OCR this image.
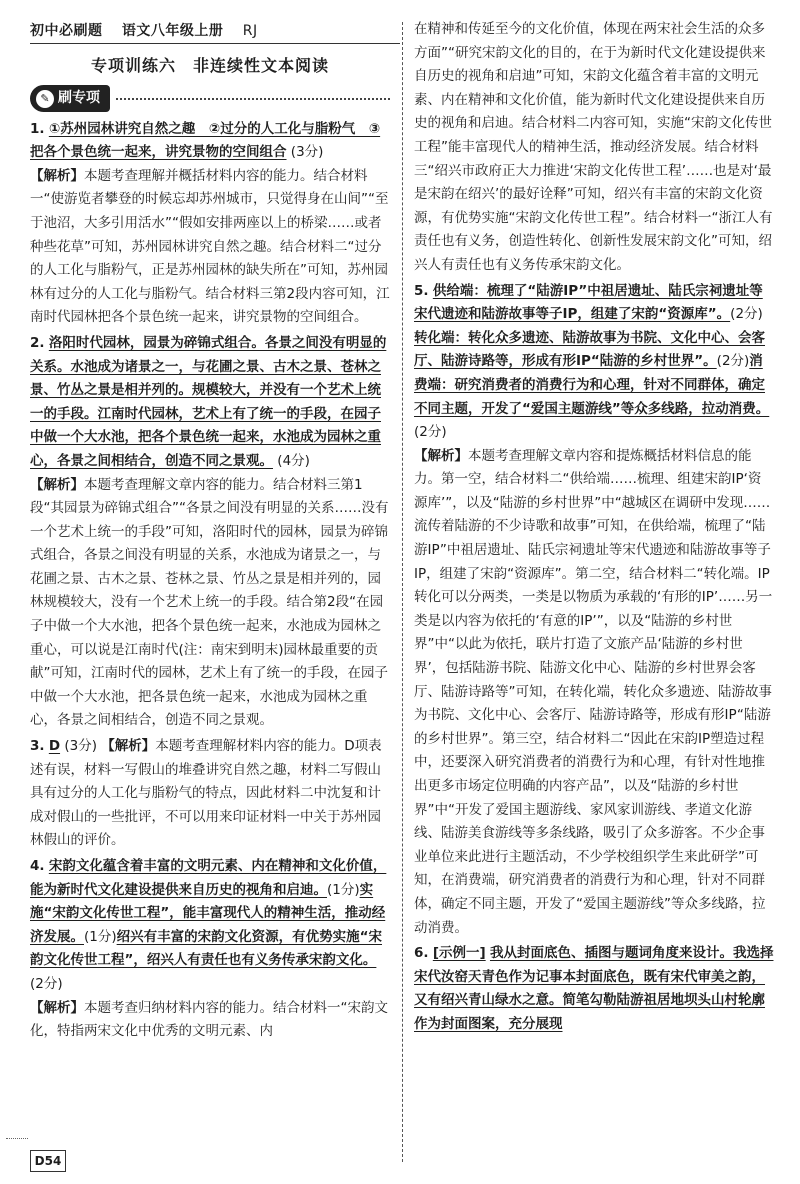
初中必刷题 语文八年级上册 RJ
专项训练六　非连续性文本阅读
✎ 刷专项
1. ①苏州园林讲究自然之趣　②过分的人工化与脂粉气　③把各个景色统一起来，讲究景物的空间组合 (3分)
【解析】本题考查理解并概括材料内容的能力。结合材料一“使游览者攀登的时候忘却苏州城市，只觉得身在山间”“至于池沼，大多引用活水”“假如安排两座以上的桥梁……或者种些花草”可知，苏州园林讲究自然之趣。结合材料二“过分的人工化与脂粉气，正是苏州园林的缺失所在”可知，苏州园林有过分的人工化与脂粉气。结合材料三第2段内容可知，江南时代园林把各个景色统一起来，讲究景物的空间组合。
2. 洛阳时代园林，园景为碎锦式组合。各景之间没有明显的关系。水池成为诸景之一，与花圃之景、古木之景、苍林之景、竹丛之景是相并列的。规模较大，并没有一个艺术上统一的手段。江南时代园林，艺术上有了统一的手段，在园子中做一个大水池，把各个景色统一起来，水池成为园林之重心，各景之间相结合，创造不同之景观。 (4分)
【解析】本题考查理解文章内容的能力。结合材料三第1段“其园景为碎锦式组合”“各景之间没有明显的关系……没有一个艺术上统一的手段”可知，洛阳时代的园林，园景为碎锦式组合，各景之间没有明显的关系，水池成为诸景之一，与花圃之景、古木之景、苍林之景、竹丛之景是相并列的，园林规模较大，没有一个艺术上统一的手段。结合第2段“在园子中做一个大水池，把各个景色统一起来，水池成为园林之重心，可以说是江南时代(注：南宋到明末)园林最重要的贡献”可知，江南时代的园林，艺术上有了统一的手段，在园子中做一个大水池，把各景色统一起来，水池成为园林之重心，各景之间相结合，创造不同之景观。
3. D (3分) 【解析】本题考查理解材料内容的能力。D项表述有误，材料一写假山的堆叠讲究自然之趣，材料二写假山具有过分的人工化与脂粉气的特点，因此材料二中沈复和计成对假山的一些批评，不可以用来印证材料一中关于苏州园林假山的评价。
4. 宋韵文化蕴含着丰富的文明元素、内在精神和文化价值，能为新时代文化建设提供来自历史的视角和启迪。(1分)实施“宋韵文化传世工程”，能丰富现代人的精神生活，推动经济发展。(1分)绍兴有丰富的宋韵文化资源，有优势实施“宋韵文化传世工程”，绍兴人有责任也有义务传承宋韵文化。(2分)
【解析】本题考查归纳材料内容的能力。结合材料一“宋韵文化，特指两宋文化中优秀的文明元素、内
在精神和传延至今的文化价值，体现在两宋社会生活的众多方面”“研究宋韵文化的目的，在于为新时代文化建设提供来自历史的视角和启迪”可知，宋韵文化蕴含着丰富的文明元素、内在精神和文化价值，能为新时代文化建设提供来自历史的视角和启迪。结合材料二内容可知，实施“宋韵文化传世工程”能丰富现代人的精神生活，推动经济发展。结合材料三“绍兴市政府正大力推进‘宋韵文化传世工程’……也是对‘最是宋韵在绍兴’的最好诠释”可知，绍兴有丰富的宋韵文化资源，有优势实施“宋韵文化传世工程”。结合材料一“浙江人有责任也有义务，创造性转化、创新性发展宋韵文化”可知，绍兴人有责任也有义务传承宋韵文化。
5. 供给端：梳理了“陆游IP”中祖居遗址、陆氏宗祠遗址等宋代遗迹和陆游故事等子IP，组建了宋韵“资源库”。(2分)转化端：转化众多遗迹、陆游故事为书院、文化中心、会客厅、陆游诗路等，形成有形IP“陆游的乡村世界”。(2分)消费端：研究消费者的消费行为和心理，针对不同群体，确定不同主题，开发了“爱国主题游线”等众多线路，拉动消费。(2分)
【解析】本题考查理解文章内容和提炼概括材料信息的能力。第一空，结合材料二“供给端……梳理、组建宋韵IP‘资源库’”，以及“陆游的乡村世界”中“越城区在调研中发现……流传着陆游的不少诗歌和故事”可知，在供给端，梳理了“陆游IP”中祖居遗址、陆氏宗祠遗址等宋代遗迹和陆游故事等子IP，组建了宋韵“资源库”。第二空，结合材料二“转化端。IP转化可以分两类，一类是以物质为承载的‘有形的IP’……另一类是以内容为依托的‘有意的IP’”，以及“陆游的乡村世界”中“以此为依托，联片打造了文旅产品‘陆游的乡村世界’，包括陆游书院、陆游文化中心、陆游的乡村世界会客厅、陆游诗路等”可知，在转化端，转化众多遗迹、陆游故事为书院、文化中心、会客厅、陆游诗路等，形成有形IP“陆游的乡村世界”。第三空，结合材料二“因此在宋韵IP塑造过程中，还要深入研究消费者的消费行为和心理，有针对性地推出更多市场定位明确的内容产品”，以及“陆游的乡村世界”中“开发了爱国主题游线、家风家训游线、孝道文化游线、陆游美食游线等多条线路，吸引了众多游客。不少企事业单位来此进行主题活动，不少学校组织学生来此研学”可知，在消费端，研究消费者的消费行为和心理，针对不同群体，确定不同主题，开发了“爱国主题游线”等众多线路，拉动消费。
6. [示例一] 我从封面底色、插图与题词角度来设计。我选择宋代汝窑天青色作为记事本封面底色，既有宋代审美之韵，又有绍兴青山绿水之意。简笔勾勒陆游祖居地坝头山村轮廓作为封面图案，充分展现
D54
